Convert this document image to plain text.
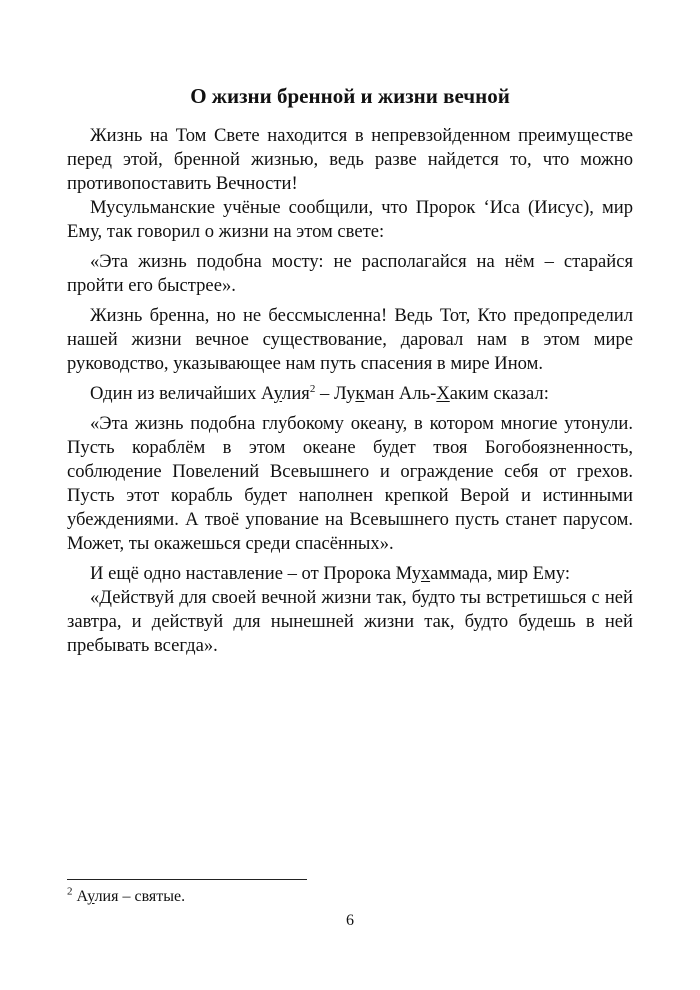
О жизни бренной и жизни вечной

Жизнь на Том Свете находится в непревзойденном преимуществе перед этой, бренной жизнью, ведь разве найдется то, что можно противопоставить Вечности!

Мусульманские учёные сообщили, что Пророк ‘Иса (Иисус), мир Ему, так говорил о жизни на этом свете:

«Эта жизнь подобна мосту: не располагайся на нём – старайся пройти его быстрее».

Жизнь бренна, но не бессмысленна! Ведь Тот, Кто предопределил нашей жизни вечное существование, даровал нам в этом мире руководство, указывающее нам путь спасения в мире Ином.

Один из величайших Аулия$^2$ – Лукман Аль-Хаким сказал:

«Эта жизнь подобна глубокому океану, в котором многие утонули. Пусть кораблём в этом океане будет твоя Богобоязненность, соблюдение Повелений Всевышнего и ограждение себя от грехов. Пусть этот корабль будет наполнен крепкой Верой и истинными убеждениями. А твоё упование на Всевышнего пусть станет парусом. Может, ты окажешься среди спасённых».

И ещё одно наставление – от Пророка Мухаммада, мир Ему:

«Действуй для своей вечной жизни так, будто ты встретишься с ней завтра, и действуй для нынешней жизни так, будто будешь в ней пребывать всегда».

$^2$ Аулия – святые.
6
